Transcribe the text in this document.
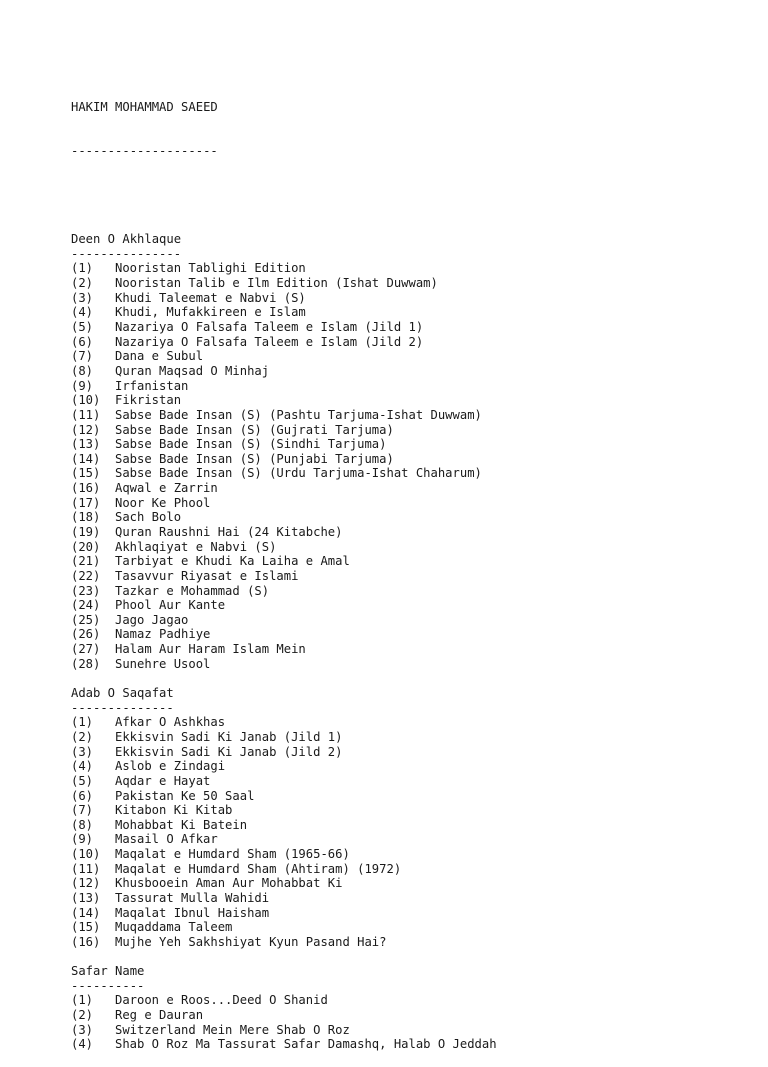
HAKIM MOHAMMAD SAEED

--------------------

Deen O Akhlaque
---------------
(1) Nooristan Tablighi Edition
(2) Nooristan Talib e Ilm Edition (Ishat Duwwam)
(3) Khudi Taleemat e Nabvi (S)
(4) Khudi, Mufakkireen e Islam
(5) Nazariya O Falsafa Taleem e Islam (Jild 1)
(6) Nazariya O Falsafa Taleem e Islam (Jild 2)
(7) Dana e Subul
(8) Quran Maqsad O Minhaj
(9) Irfanistan
(10) Fikristan
(11) Sabse Bade Insan (S) (Pashtu Tarjuma-Ishat Duwwam)
(12) Sabse Bade Insan (S) (Gujrati Tarjuma)
(13) Sabse Bade Insan (S) (Sindhi Tarjuma)
(14) Sabse Bade Insan (S) (Punjabi Tarjuma)
(15) Sabse Bade Insan (S) (Urdu Tarjuma-Ishat Chaharum)
(16) Aqwal e Zarrin
(17) Noor Ke Phool
(18) Sach Bolo
(19) Quran Raushni Hai (24 Kitabche)
(20) Akhlaqiyat e Nabvi (S)
(21) Tarbiyat e Khudi Ka Laiha e Amal
(22) Tasavvur Riyasat e Islami
(23) Tazkar e Mohammad (S)
(24) Phool Aur Kante
(25) Jago Jagao
(26) Namaz Padhiye
(27) Halam Aur Haram Islam Mein
(28) Sunehre Usool
Adab O Saqafat
--------------
(1) Afkar O Ashkhas
(2) Ekkisvin Sadi Ki Janab (Jild 1)
(3) Ekkisvin Sadi Ki Janab (Jild 2)
(4) Aslob e Zindagi
(5) Aqdar e Hayat
(6) Pakistan Ke 50 Saal
(7) Kitabon Ki Kitab
(8) Mohabbat Ki Batein
(9) Masail O Afkar
(10) Maqalat e Humdard Sham (1965-66)
(11) Maqalat e Humdard Sham (Ahtiram) (1972)
(12) Khusbooein Aman Aur Mohabbat Ki
(13) Tassurat Mulla Wahidi
(14) Maqalat Ibnul Haisham
(15) Muqaddama Taleem
(16) Mujhe Yeh Sakhshiyat Kyun Pasand Hai?
Safar Name
----------
(1) Daroon e Roos...Deed O Shanid
(2) Reg e Dauran
(3) Switzerland Mein Mere Shab O Roz
(4) Shab O Roz Ma Tassurat Safar Damashq, Halab O Jeddah
